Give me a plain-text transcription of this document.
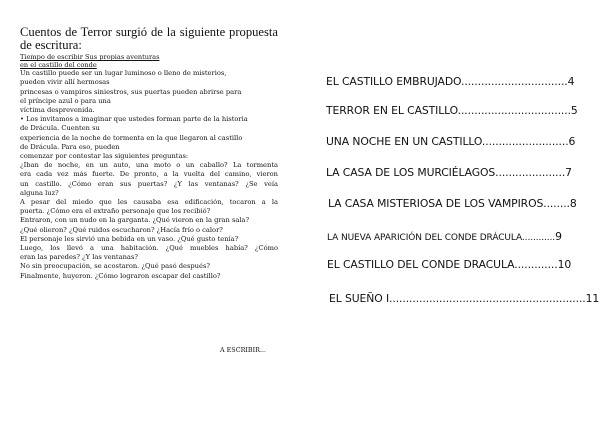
Cuentos de Terror surgió de la siguiente propuesta de escritura:

Tiempo de escribir Sus propias aventuras
en el castillo del conde

Un castillo puede ser un lugar luminoso o lleno de misterios,
pueden vivir allí hermosas
princesas o vampiros siniestros, sus puertas pueden abrirse para
el príncipe azul o para una
víctima desprevenida.
• Los invitamos a imaginar que ustedes forman parte de la historia
de Drácula. Cuenten su
experiencia de la noche de tormenta en la que llegaron al castillo
de Drácula. Para eso, pueden
comenzar por contestar las siguientes preguntas:
¿Iban de noche, en un auto, una moto o un caballo? La tormenta
era cada vez más fuerte. De pronto, a la vuelta del camino, vieron
un castillo. ¿Cómo eran sus puertas? ¿Y las ventanas? ¿Se veía
alguna luz?
A pesar del miedo que les causaba esa edificación, tocaron a la
puerta. ¿Cómo era el extraño personaje que los recibió?
Entraron, con un nudo en la garganta. ¿Qué vieron en la gran sala?
¿Qué olieron? ¿Qué ruidos escucharon? ¿Hacía frío o calor?
El personaje les sirvió una bebida en un vaso. ¿Qué gusto tenía?
Luego, los llevó a una habitación. ¿Qué muebles había? ¿Cómo
eran las paredes? ¿Y las ventanas?
No sin preocupación, se acostaron. ¿Qué pasó después?
Finalmente, huyeron. ¿Cómo lograron escapar del castillo?
A ESCRIBIR...
EL CASTILLO EMBRUJADO................................4
TERROR EN EL CASTILLO..................................5
UNA NOCHE EN UN CASTILLO..........................6
LA CASA DE LOS MURCIÉLAGOS.....................7
LA CASA MISTERIOSA DE LOS VAMPIROS........8
LA NUEVA APARICIÓN DEL CONDE DRÁCULA............9
EL CASTILLO DEL CONDE DRACULA.............10
EL SUEÑO I...........................................................11
